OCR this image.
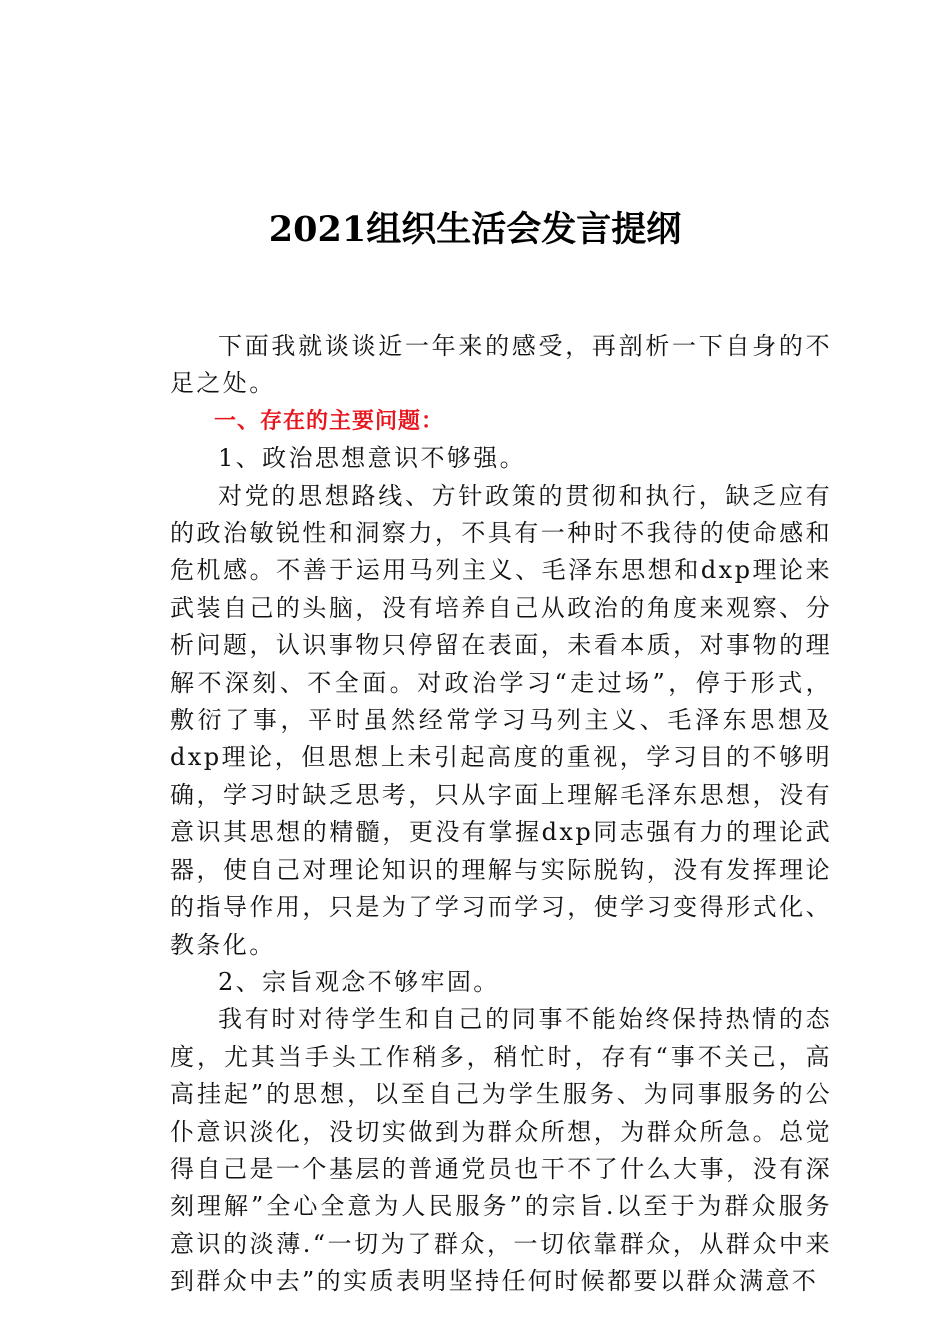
2021组织生活会发言提纲

下面我就谈谈近一年来的感受，再剖析一下自身的不足之处。

一、存在的主要问题：

1、政治思想意识不够强。

对党的思想路线、方针政策的贯彻和执行，缺乏应有的政治敏锐性和洞察力，不具有一种时不我待的使命感和危机感。不善于运用马列主义、毛泽东思想和dxp理论来武装自己的头脑，没有培养自己从政治的角度来观察、分析问题，认识事物只停留在表面，未看本质，对事物的理解不深刻、不全面。对政治学习“走过场”，停于形式，敷衍了事，平时虽然经常学习马列主义、毛泽东思想及dxp理论，但思想上未引起高度的重视，学习目的不够明确，学习时缺乏思考，只从字面上理解毛泽东思想，没有意识其思想的精髓，更没有掌握dxp同志强有力的理论武器，使自己对理论知识的理解与实际脱钩，没有发挥理论的指导作用，只是为了学习而学习，使学习变得形式化、教条化。

2、宗旨观念不够牢固。

我有时对待学生和自己的同事不能始终保持热情的态度，尤其当手头工作稍多，稍忙时，存有“事不关己，高高挂起”的思想，以至自己为学生服务、为同事服务的公仆意识淡化，没切实做到为群众所想，为群众所急。总觉得自己是一个基层的普通党员也干不了什么大事，没有深刻理解”全心全意为人民服务”的宗旨.以至于为群众服务意识的淡薄.“一切为了群众，一切依靠群众，从群众中来到群众中去”的实质表明坚持任何时候都要以群众满意不
